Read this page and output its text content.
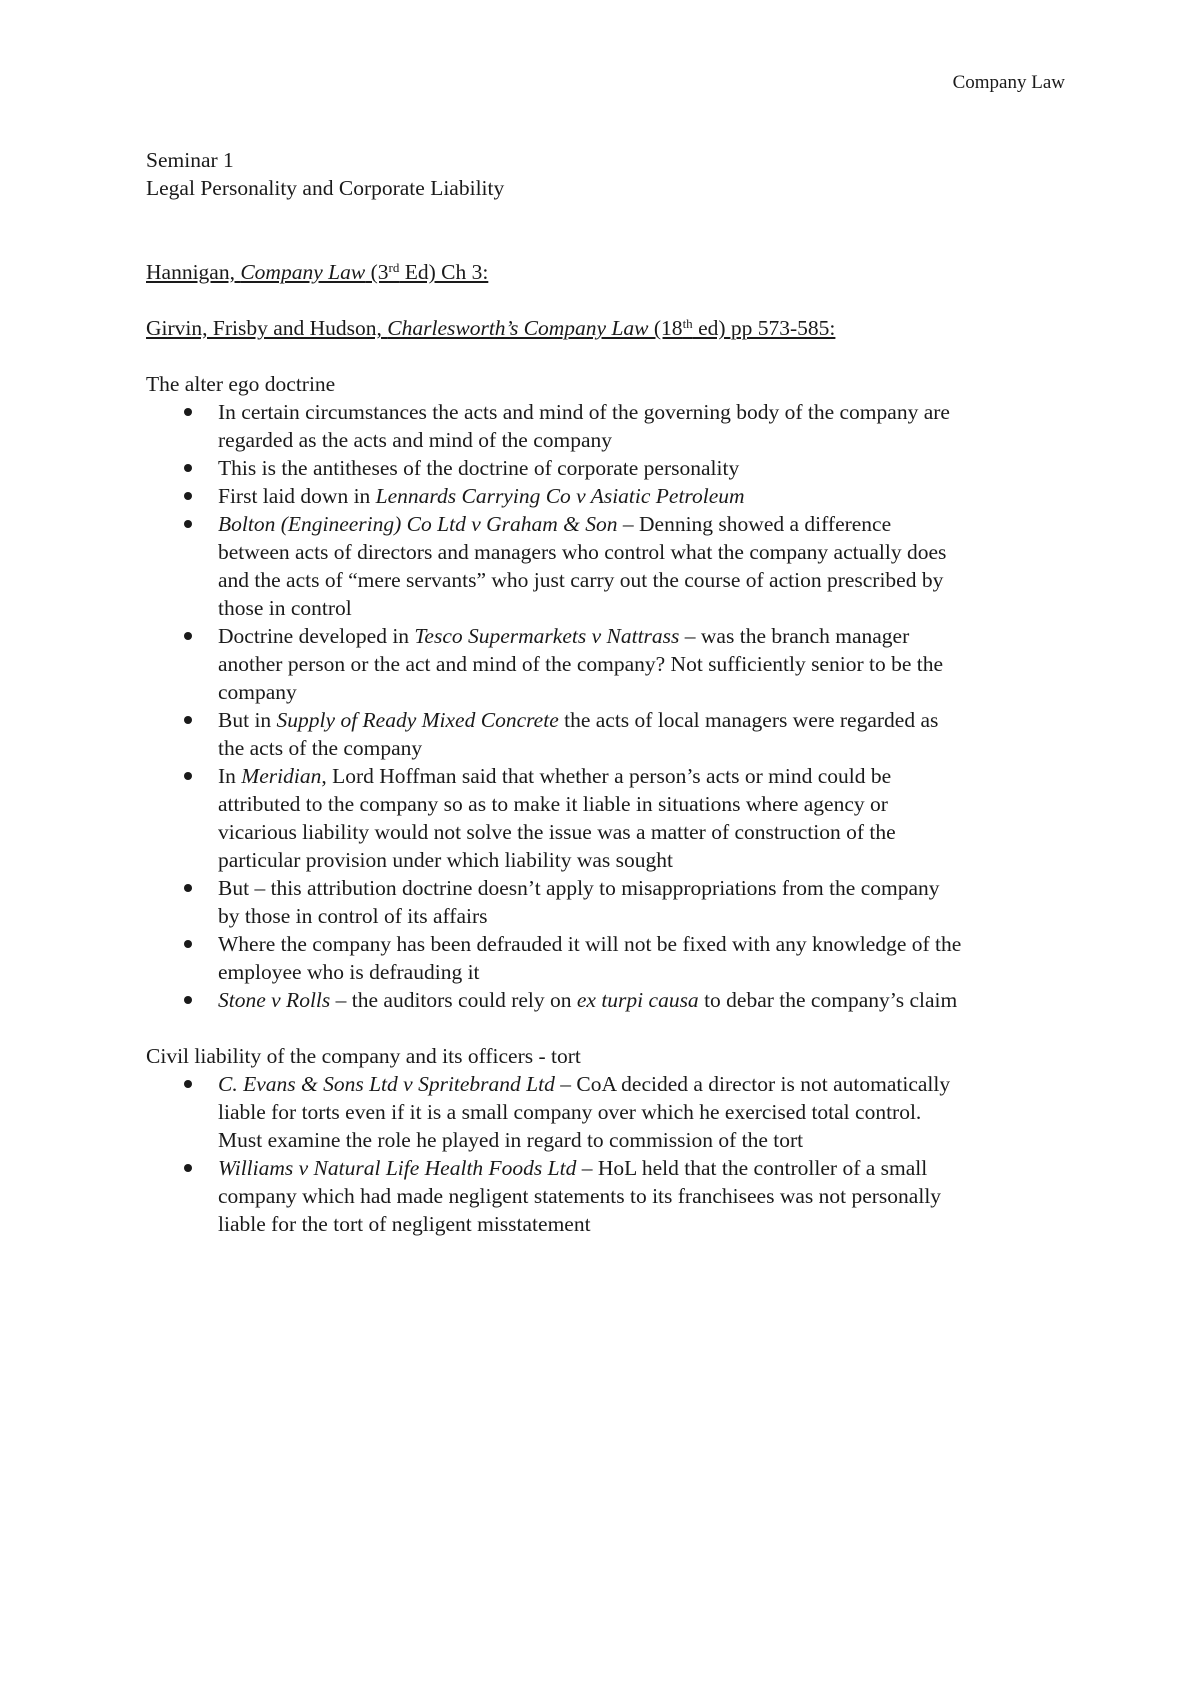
Company Law

Seminar 1

Legal Personality and Corporate Liability

Hannigan, Company Law (3rd Ed) Ch 3:

Girvin, Frisby and Hudson, Charlesworth’s Company Law (18th ed) pp 573-585:

The alter ego doctrine

In certain circumstances the acts and mind of the governing body of the company are
regarded as the acts and mind of the company
This is the antitheses of the doctrine of corporate personality
First laid down in Lennards Carrying Co v Asiatic Petroleum
Bolton (Engineering) Co Ltd v Graham & Son – Denning showed a difference
between acts of directors and managers who control what the company actually does
and the acts of “mere servants” who just carry out the course of action prescribed by
those in control
Doctrine developed in Tesco Supermarkets v Nattrass – was the branch manager
another person or the act and mind of the company? Not sufficiently senior to be the
company
But in Supply of Ready Mixed Concrete the acts of local managers were regarded as
the acts of the company
In Meridian, Lord Hoffman said that whether a person’s acts or mind could be
attributed to the company so as to make it liable in situations where agency or
vicarious liability would not solve the issue was a matter of construction of the
particular provision under which liability was sought
But – this attribution doctrine doesn’t apply to misappropriations from the company
by those in control of its affairs
Where the company has been defrauded it will not be fixed with any knowledge of the
employee who is defrauding it
Stone v Rolls – the auditors could rely on ex turpi causa to debar the company’s claim

Civil liability of the company and its officers - tort

C. Evans & Sons Ltd v Spritebrand Ltd – CoA decided a director is not automatically
liable for torts even if it is a small company over which he exercised total control.
Must examine the role he played in regard to commission of the tort
Williams v Natural Life Health Foods Ltd – HoL held that the controller of a small
company which had made negligent statements to its franchisees was not personally
liable for the tort of negligent misstatement
